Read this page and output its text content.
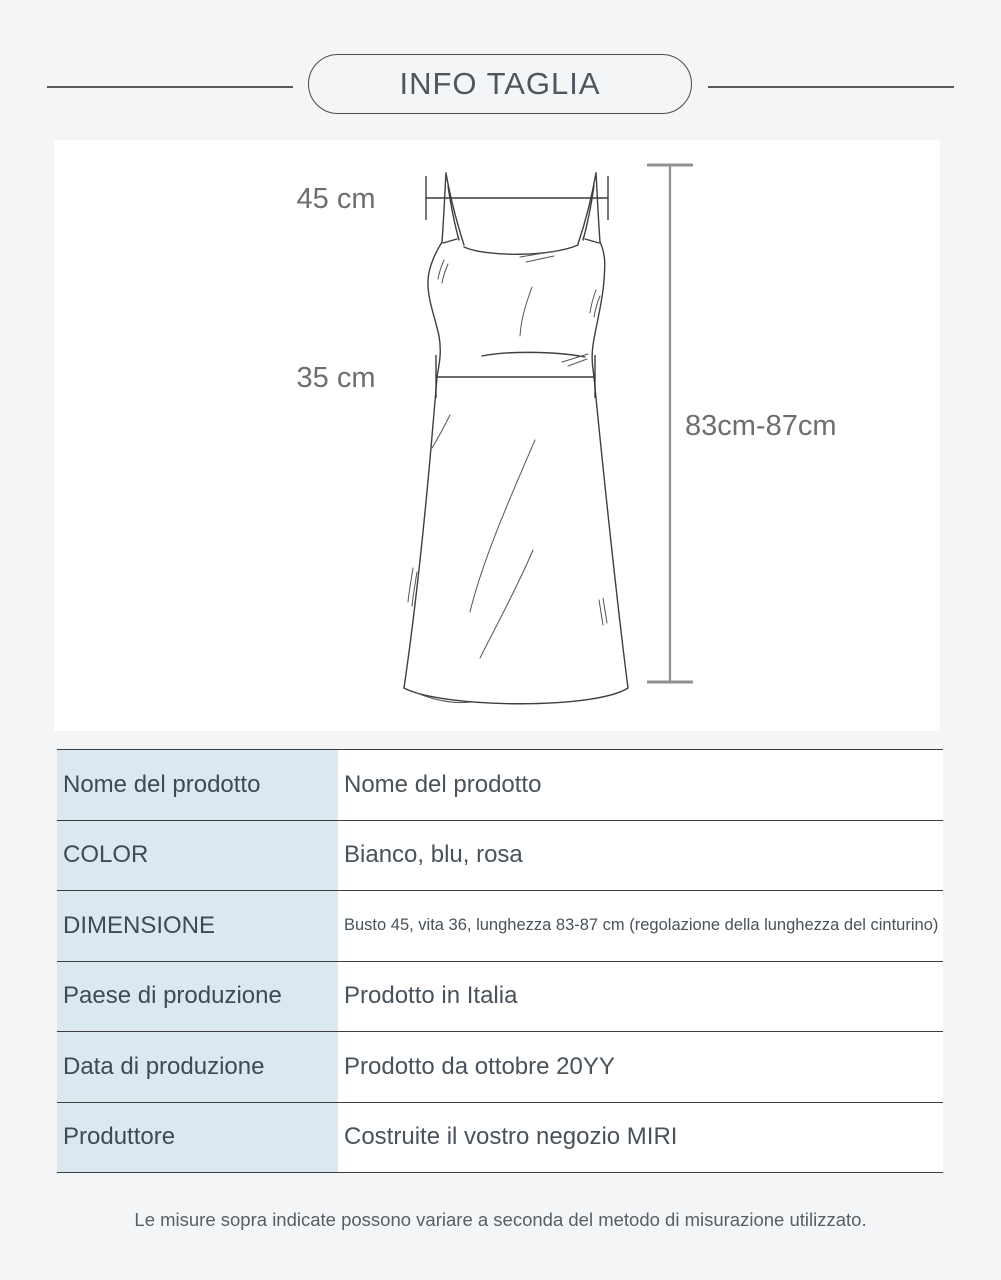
INFO TAGLIA
45 cm
35 cm
83cm-87cm
Nome del prodotto	Nome del prodotto
COLOR	Bianco, blu, rosa
DIMENSIONE	Busto 45, vita 36, lunghezza 83-87 cm (regolazione della lunghezza del cinturino)
Paese di produzione	Prodotto in Italia
Data di produzione	Prodotto da ottobre 20YY
Produttore	Costruite il vostro negozio MIRI
Le misure sopra indicate possono variare a seconda del metodo di misurazione utilizzato.
